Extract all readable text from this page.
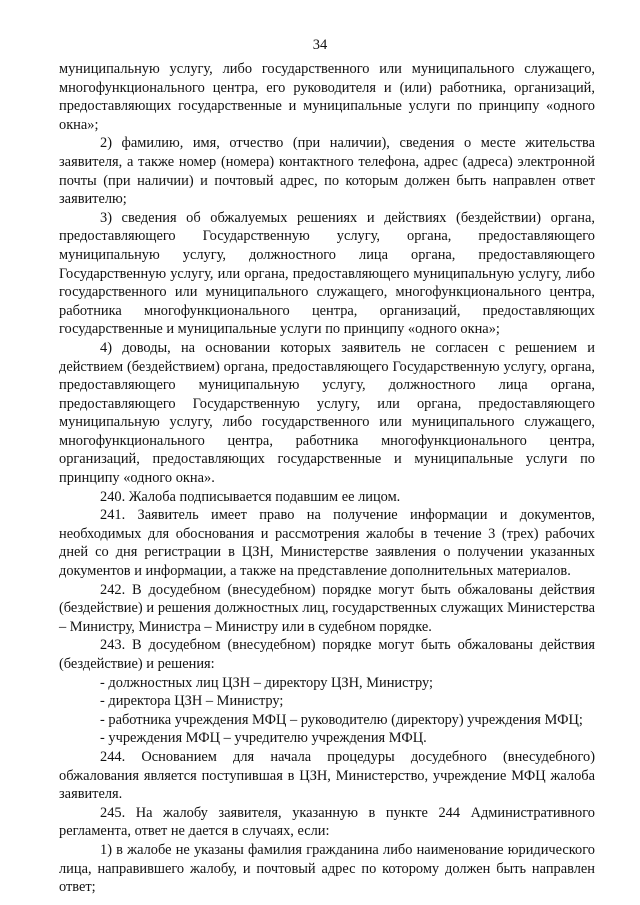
34

муниципальную услугу, либо государственного или муниципального служащего, многофункционального центра, его руководителя и (или) работника, организаций, предоставляющих государственные и муниципальные услуги по принципу «одного окна»;

2) фамилию, имя, отчество (при наличии), сведения о месте жительства заявителя, а также номер (номера) контактного телефона, адрес (адреса) электронной почты (при наличии) и почтовый адрес, по которым должен быть направлен ответ заявителю;

3) сведения об обжалуемых решениях и действиях (бездействии) органа, предоставляющего Государственную услугу, органа, предоставляющего муниципальную услугу, должностного лица органа, предоставляющего Государственную услугу, или органа, предоставляющего муниципальную услугу, либо государственного или муниципального служащего, многофункционального центра, работника многофункционального центра, организаций, предоставляющих государственные и муниципальные услуги по принципу «одного окна»;

4) доводы, на основании которых заявитель не согласен с решением и действием (бездействием) органа, предоставляющего Государственную услугу, органа, предоставляющего муниципальную услугу, должностного лица органа, предоставляющего Государственную услугу, или органа, предоставляющего муниципальную услугу, либо государственного или муниципального служащего, многофункционального центра, работника многофункционального центра, организаций, предоставляющих государственные и муниципальные услуги по принципу «одного окна».

240. Жалоба подписывается подавшим ее лицом.

241. Заявитель имеет право на получение информации и документов, необходимых для обоснования и рассмотрения жалобы в течение 3 (трех) рабочих дней со дня регистрации в ЦЗН, Министерстве заявления о получении указанных документов и информации, а также на представление дополнительных материалов.

242. В досудебном (внесудебном) порядке могут быть обжалованы действия (бездействие) и решения должностных лиц, государственных служащих Министерства – Министру, Министра – Министру или в судебном порядке.

243. В досудебном (внесудебном) порядке могут быть обжалованы действия (бездействие) и решения:

- должностных лиц ЦЗН – директору ЦЗН, Министру;

- директора ЦЗН – Министру;

- работника учреждения МФЦ – руководителю (директору) учреждения МФЦ;

- учреждения МФЦ – учредителю учреждения МФЦ.

244. Основанием для начала процедуры досудебного (внесудебного) обжалования является поступившая в ЦЗН, Министерство, учреждение МФЦ жалоба заявителя.

245. На жалобу заявителя, указанную в пункте 244 Административного регламента, ответ не дается в случаях, если:

1) в жалобе не указаны фамилия гражданина либо наименование юридического лица, направившего жалобу, и почтовый адрес по которому должен быть направлен ответ;
